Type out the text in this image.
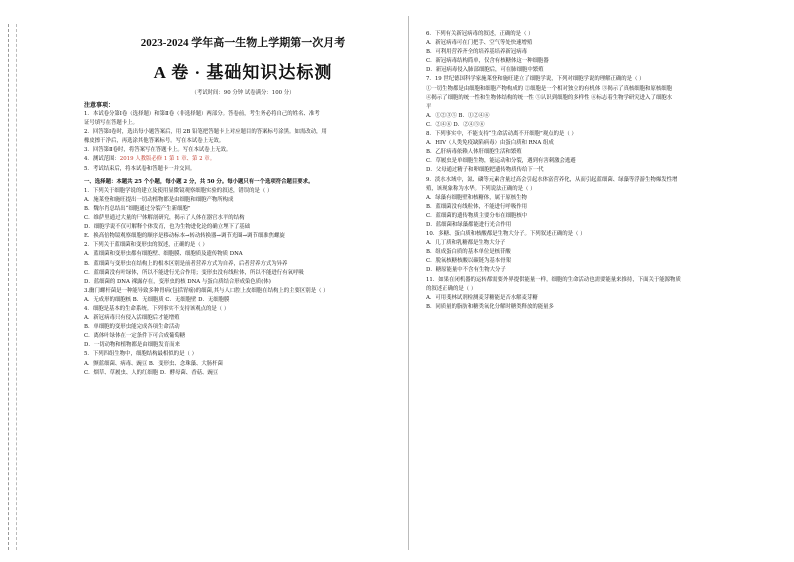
2023-2024 学年高一生物上学期第一次月考
A 卷 · 基础知识达标测
（考试时间：90 分钟 试卷满分：100 分）
注意事项：
1．本试卷分第Ⅰ卷（选择题）和第Ⅱ卷（非选择题）两部分。答卷前，考生务必将自己的姓名、准考
证号填写在答题卡上。
2．回答第Ⅰ卷时，选出每小题答案后，用 2B 铅笔把答题卡上对应题目的答案标号涂黑。如需改动，用
橡皮擦干净后，再选涂其他答案标号。写在本试卷上无效。
3．回答第Ⅱ卷时，将答案写在答题卡上。写在本试卷上无效。
4．测试范围：2019 人教版必修 1 第 1 章、第 2 章。
5．考试结束后，将本试卷和答题卡一并交回。
一、选择题：本题共 25 个小题，每小题 2 分，共 50 分。每小题只有一个选项符合题目要求。
1．下列关于细胞学说的建立及使用显微镜观察细胞实验的叙述，错误的是（ ）
A．施莱登和施旺提出一切动植物都是由细胞和细胞产物所构成
B．魏尔肖总结出“细胞通过分裂产生新细胞”
C．维萨里通过大量的尸体解剖研究，揭示了人体在器官水平的结构
D．细胞学说不仅可解释个体发育，也为生物进化论的确立埋下了基础
E．换高倍物镜观察细胞的顺序是移动标本→转动转换器→调节光圈→调节细准焦螺旋
2．下列关于蓝细菌和变形虫的叙述，正确的是（ ）
A．蓝细菌和变形虫都有细胞壁、细胞膜、细胞质及遗传物质 DNA
B．蓝细菌与变形虫在结构上的根本区别是前者营养方式为自养，后者营养方式为异养
C．蓝细菌没有叶绿体，所以不能进行光合作用；变形虫没有线粒体，所以不能进行有氧呼吸
D．蓝细菌的 DNA 裸露存在，变形虫的核 DNA 与蛋白质结合形成染色质(体)
3.幽门螺杆菌是一种能导致多种胃病(包括胃癌)的细菌,其与人口腔上皮细胞在结构上的主要区别是（ ）
A．无成形的细胞核 B．无细胞质 C．无细胞壁 D．无细胞膜
4．细胞是基本的生命系统。下列事实不支持该观点的是（ ）
A．新冠病毒只有侵入活细胞后才能增殖
B．单细胞的变形虫能完成各项生命活动
C．离体叶绿体在一定条件下可合成葡萄糖
D．一切动物和植物都是由细胞发育而来
5．下列四组生物中，细胞结构最相似的是（ ）
A．颤蓝细菌、病毒、豌豆 B．变形虫、念珠藻、大肠杆菌
C．烟草、草履虫、人的红细胞 D．酵母菌、香菇、豌豆
6．下列有关新冠病毒的叙述，正确的是（ ）
A．新冠病毒可在门把手、空气等处快速增殖
B．可利用营养齐全的培养基培养新冠病毒
C．新冠病毒结构简单，仅含有核糖体这一种细胞器
D．新冠病毒侵入肺部细胞后，可在肺细胞中繁殖
7．19 世纪德国科学家施莱登和施旺建立了细胞学说，下列对细胞学说的理解正确的是（ ）
①一切生物都是由细胞和细胞产物构成的 ②细胞是一个相对独立的有机体 ③揭示了真核细胞和原核细胞
④揭示了细胞的统一性和生物体结构的统一性 ⑤认识到细胞的多样性 ⑥标志着生物学研究进入了细胞水
平
A．①②③⑤ B．①②④⑥
C．②④⑥ D．②④⑤⑥
8．下列事实中，不能支持“生命活动离不开细胞”观点的是（ ）
A．HIV（人类免疫缺陷病毒）由蛋白质和 RNA 组成
B．乙肝病毒依赖人体肝细胞生活和繁殖
C．草履虫是单细胞生物，能运动和分裂，遇到有害刺激会逃避
D．父母通过精子和卵细胞把遗传物质传给下一代
9．淡水水域中，氮、磷等元素含量过高会引起水体富营养化，从而引起蓝细菌、绿藻等浮游生物爆发性增
殖，该现象称为水华。下列说法正确的是（ ）
A．绿藻有细胞壁和核糖体，属于原核生物
B．蓝细菌没有线粒体，不能进行呼吸作用
C．蓝细菌的遗传物质主要分布在细胞核中
D．蓝细菌和绿藻都能进行光合作用
10．多糖、蛋白质和核酸都是生物大分子。下列叙述正确的是（ ）
A．几丁质和乳糖都是生物大分子
B．组成蛋白质的基本单位是核苷酸
C．脱氧核糖核酸以碳链为基本骨架
D．糖原能量中不含有生物大分子
11．如果在闭机器的运转都需要外界提供能量一样，细胞的生命活动也需要能量来推持，下面关于能源物质
的叙述正确的是（ ）
A．可用斐林试剂检测麦芽糖能是否水解麦芽糖
B．同质量的脂肪和糖类氧化分解时糖类释放的能量多
